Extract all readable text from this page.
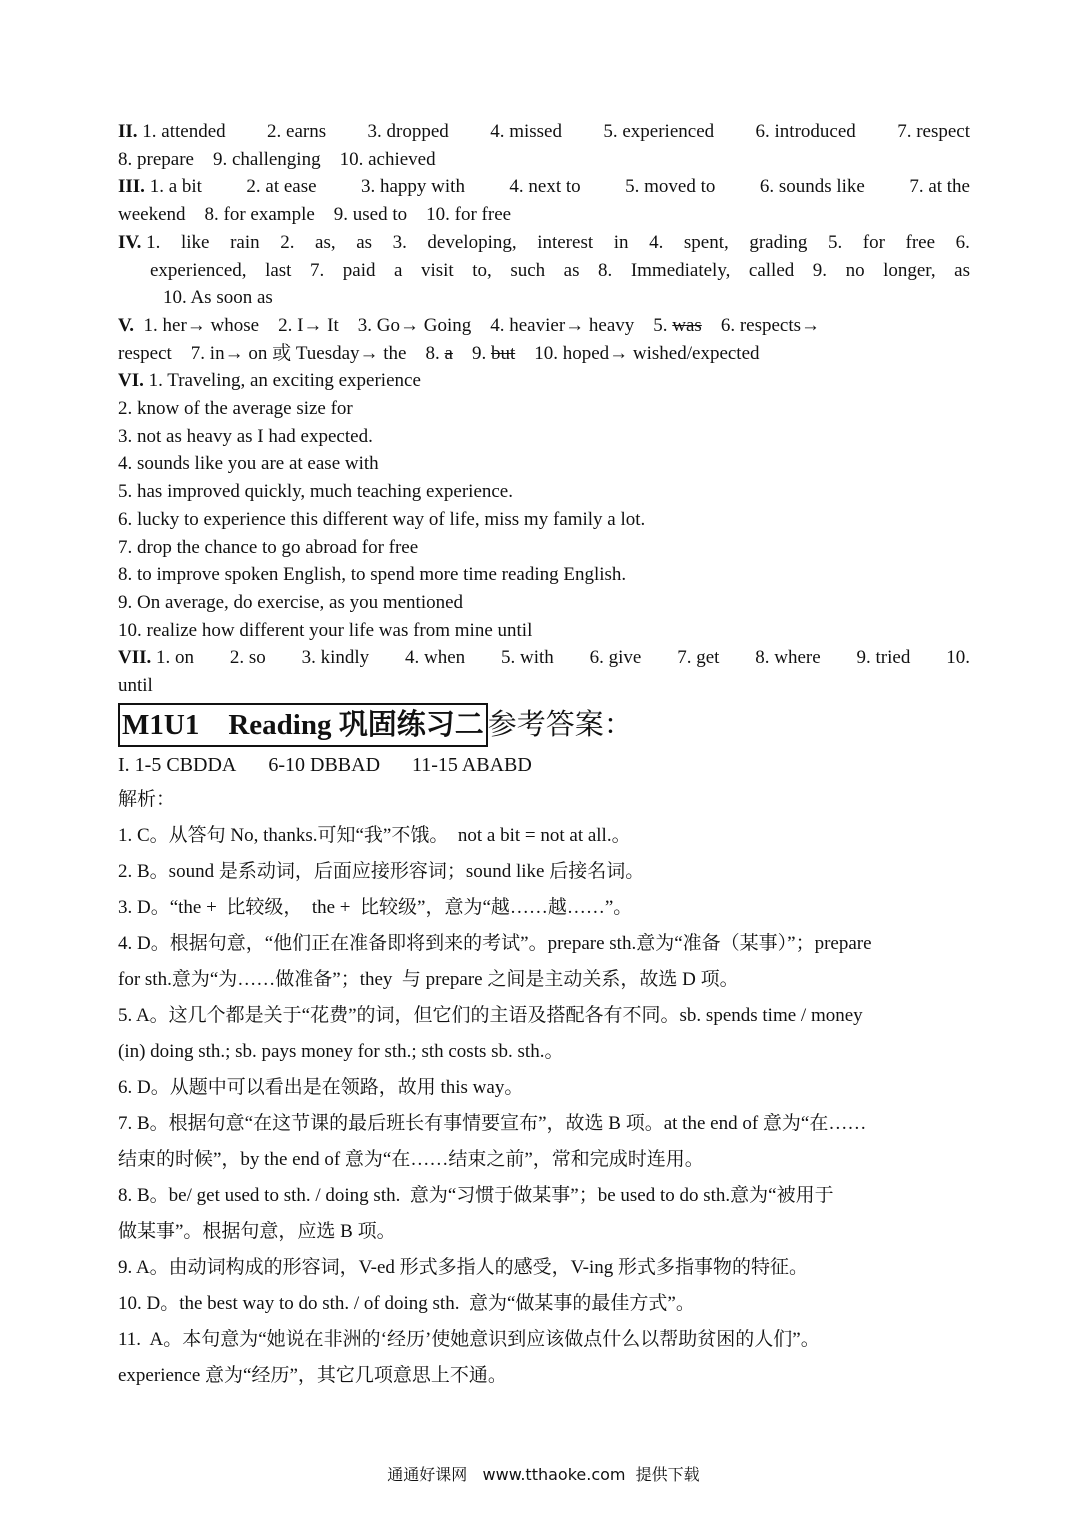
II. 1. attended 2. earns 3. dropped 4. missed 5. experienced 6. introduced 7. respect
8. prepare    9. challenging    10. achieved
III. 1. a bit 2. at ease 3. happy with 4. next to 5. moved to 6. sounds like 7. at the
weekend    8. for example    9. used to    10. for free
IV. 1. like rain 2. as, as 3. developing, interest in 4. spent, grading 5. for free 6.
experienced, last 7. paid a visit to, such as 8. Immediately, called 9. no longer, as
10. As soon as
V. 1. her→ whose    2. I→ It    3. Go→ Going    4. heavier→ heavy    5. was 6. respects→
respect    7. in→ on 或 Tuesday→ the    8. a 9. but 10. hoped→ wished/expected
VI. 1. Traveling, an exciting experience
2. know of the average size for
3. not as heavy as I had expected.
4. sounds like you are at ease with
5. has improved quickly, much teaching experience.
6. lucky to experience this different way of life, miss my family a lot.
7. drop the chance to go abroad for free
8. to improve spoken English, to spend more time reading English.
9. On average, do exercise, as you mentioned
10. realize how different your life was from mine until
VII. 1. on 2. so 3. kindly 4. when 5. with 6. give 7. get 8. where 9. tried 10.
until
M1U1    Reading 巩固练习二 参考答案：
I. 1-5 CBDDA 6-10 DBBAD 11-15 ABABD
解析：
1. C。从答句 No, thanks.可知“我”不饿。  not a bit = not at all.。
2. B。sound 是系动词，后面应接形容词；sound like 后接名词。
3. D。“the +  比较级，  the +  比较级”，意为“越……越……”。
4. D。根据句意，“他们正在准备即将到来的考试”。prepare sth.意为“准备（某事）”；prepare
for sth.意为“为……做准备”；they  与 prepare 之间是主动关系，故选 D 项。
5. A。这几个都是关于“花费”的词，但它们的主语及搭配各有不同。sb. spends time / money
(in) doing sth.; sb. pays money for sth.; sth costs sb. sth.。
6. D。从题中可以看出是在领路，故用 this way。
7. B。根据句意“在这节课的最后班长有事情要宣布”，故选 B 项。at the end of 意为“在……
结束的时候”，by the end of 意为“在……结束之前”，常和完成时连用。
8. B。be/ get used to sth. / doing sth.  意为“习惯于做某事”；be used to do sth.意为“被用于
做某事”。根据句意，应选 B 项。
9. A。由动词构成的形容词，V-ed 形式多指人的感受，V-ing 形式多指事物的特征。
10. D。the best way to do sth. / of doing sth.  意为“做某事的最佳方式”。
11.  A。本句意为“她说在非洲的‘经历’使她意识到应该做点什么以帮助贫困的人们”。
experience 意为“经历”，其它几项意思上不通。
通通好课网   www.tthaoke.com  提供下载
